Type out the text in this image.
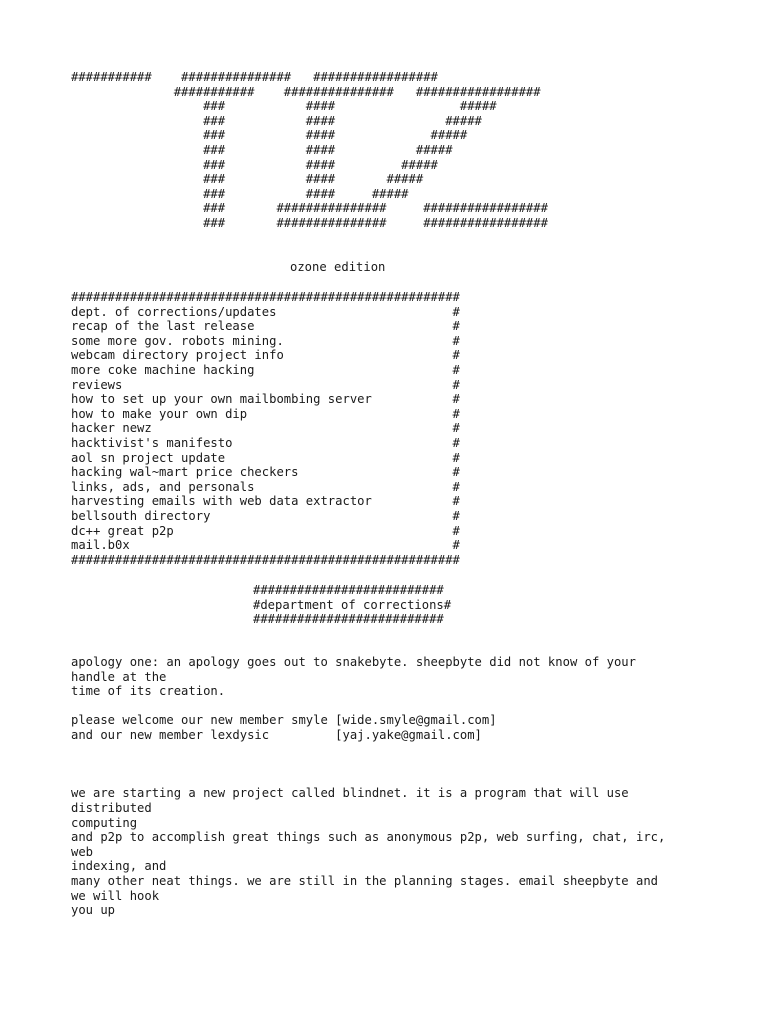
###########    ###############   #################
###########    ###############   #################
###           ####                 #####
###           ####               #####
###           ####             #####
###           ####           #####
###           ####         #####
###           ####       #####
###           ####     #####
###       ###############     #################
###       ###############     #################
ozone edition
#####################################################
dept. of corrections/updates                        #
recap of the last release                           #
some more gov. robots mining.                       #
webcam directory project info                       #
more coke machine hacking                           #
reviews                                             #
how to set up your own mailbombing server           #
how to make your own dip                            #
hacker newz                                         #
hacktivist's manifesto                              #
aol sn project update                               #
hacking wal~mart price checkers                     #
links, ads, and personals                           #
harvesting emails with web data extractor           #
bellsouth directory                                 #
dc++ great p2p                                      #
mail.b0x                                            #
#####################################################
##########################
#department of corrections#
##########################
apology one: an apology goes out to snakebyte. sheepbyte did not know of your
handle at the
time of its creation.

please welcome our new member smyle [wide.smyle@gmail.com]
and our new member lexdysic         [yaj.yake@gmail.com]

we are starting a new project called blindnet. it is a program that will use
distributed
computing
and p2p to accomplish great things such as anonymous p2p, web surfing, chat, irc,
web
indexing, and
many other neat things. we are still in the planning stages. email sheepbyte and
we will hook
you up
